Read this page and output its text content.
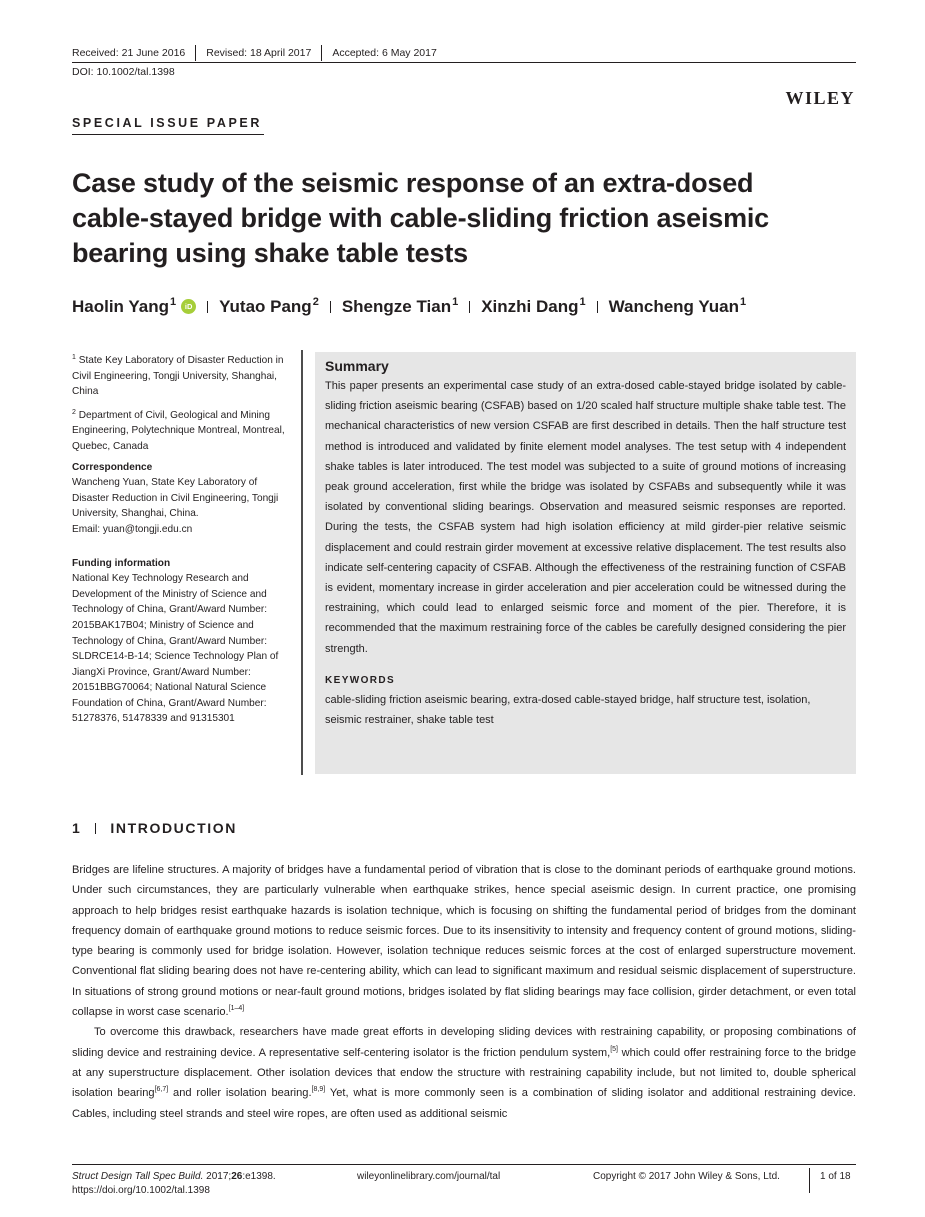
Received: 21 June 2016 Revised: 18 April 2017 Accepted: 6 May 2017
DOI: 10.1002/tal.1398
WILEY
SPECIAL ISSUE PAPER
Case study of the seismic response of an extra-dosed cable-stayed bridge with cable-sliding friction aseismic bearing using shake table tests
Haolin Yang$^1$	iD Yutao Pang$^2$ Shengze Tian$^1$ Xinzhi Dang$^1$ Wancheng Yuan$^1$

$^1$ State Key Laboratory of Disaster Reduction in Civil Engineering, Tongji University, Shanghai, China

$^2$ Department of Civil, Geological and Mining Engineering, Polytechnique Montreal, Montreal, Quebec, Canada

Correspondence

Wancheng Yuan, State Key Laboratory of Disaster Reduction in Civil Engineering, Tongji University, Shanghai, China.

Email: yuan@tongji.edu.cn

Funding information

National Key Technology Research and Development of the Ministry of Science and Technology of China, Grant/Award Number: 2015BAK17B04; Ministry of Science and Technology of China, Grant/Award Number: SLDRCE14-B-14; Science Technology Plan of JiangXi Province, Grant/Award Number: 20151BBG70064; National Natural Science Foundation of China, Grant/Award Number: 51278376, 51478339 and 91315301

Summary

This paper presents an experimental case study of an extra-dosed cable-stayed bridge isolated by cable-sliding friction aseismic bearing (CSFAB) based on 1/20 scaled half structure multiple shake table test. The mechanical characteristics of new version CSFAB are first described in details. Then the half structure test method is introduced and validated by finite element model analyses. The test setup with 4 independent shake tables is later introduced. The test model was subjected to a suite of ground motions of increasing peak ground acceleration, first while the bridge was isolated by CSFABs and subsequently while it was isolated by conventional sliding bearings. Observation and measured seismic responses are reported. During the tests, the CSFAB system had high isolation efficiency at mild girder-pier relative seismic displacement and could restrain girder movement at excessive relative displacement. The test results also indicate self-centering capacity of CSFAB. Although the effectiveness of the restraining function of CSFAB is evident, momentary increase in girder acceleration and pier acceleration could be witnessed during the restraining, which could lead to enlarged seismic force and moment of the pier. Therefore, it is recommended that the maximum restraining force of the cables be carefully designed considering the pier strength.

KEYWORDS

cable-sliding friction aseismic bearing, extra-dosed cable-stayed bridge, half structure test, isolation, seismic restrainer, shake table test

1 INTRODUCTION

Bridges are lifeline structures. A majority of bridges have a fundamental period of vibration that is close to the dominant periods of earthquake ground motions. Under such circumstances, they are particularly vulnerable when earthquake strikes, hence special aseismic design. In current practice, one promising approach to help bridges resist earthquake hazards is isolation technique, which is focusing on shifting the fundamental period of bridges from the dominant frequency domain of earthquake ground motions to reduce seismic forces. Due to its insensitivity to intensity and frequency content of ground motions, sliding-type bearing is commonly used for bridge isolation. However, isolation technique reduces seismic forces at the cost of enlarged superstructure movement. Conventional flat sliding bearing does not have re-centering ability, which can lead to significant maximum and residual seismic displacement of superstructure. In situations of strong ground motions or near-fault ground motions, bridges isolated by flat sliding bearings may face collision, girder detachment, or even total collapse in worst case scenario.[1–4]

To overcome this drawback, researchers have made great efforts in developing sliding devices with restraining capability, or proposing combinations of sliding device and restraining device. A representative self-centering isolator is the friction pendulum system,[5] which could offer restraining force to the bridge at any superstructure displacement. Other isolation devices that endow the structure with restraining capability include, but not limited to, double spherical isolation bearing[6,7] and roller isolation bearing.[8,9] Yet, what is more commonly seen is a combination of sliding isolator and additional restraining device. Cables, including steel strands and steel wire ropes, are often used as additional seismic

Struct Design Tall Spec Build. 2017;26:e1398.
https://doi.org/10.1002/tal.1398
wileyonlinelibrary.com/journal/tal	Copyright © 2017 John Wiley & Sons, Ltd.	1 of 18
